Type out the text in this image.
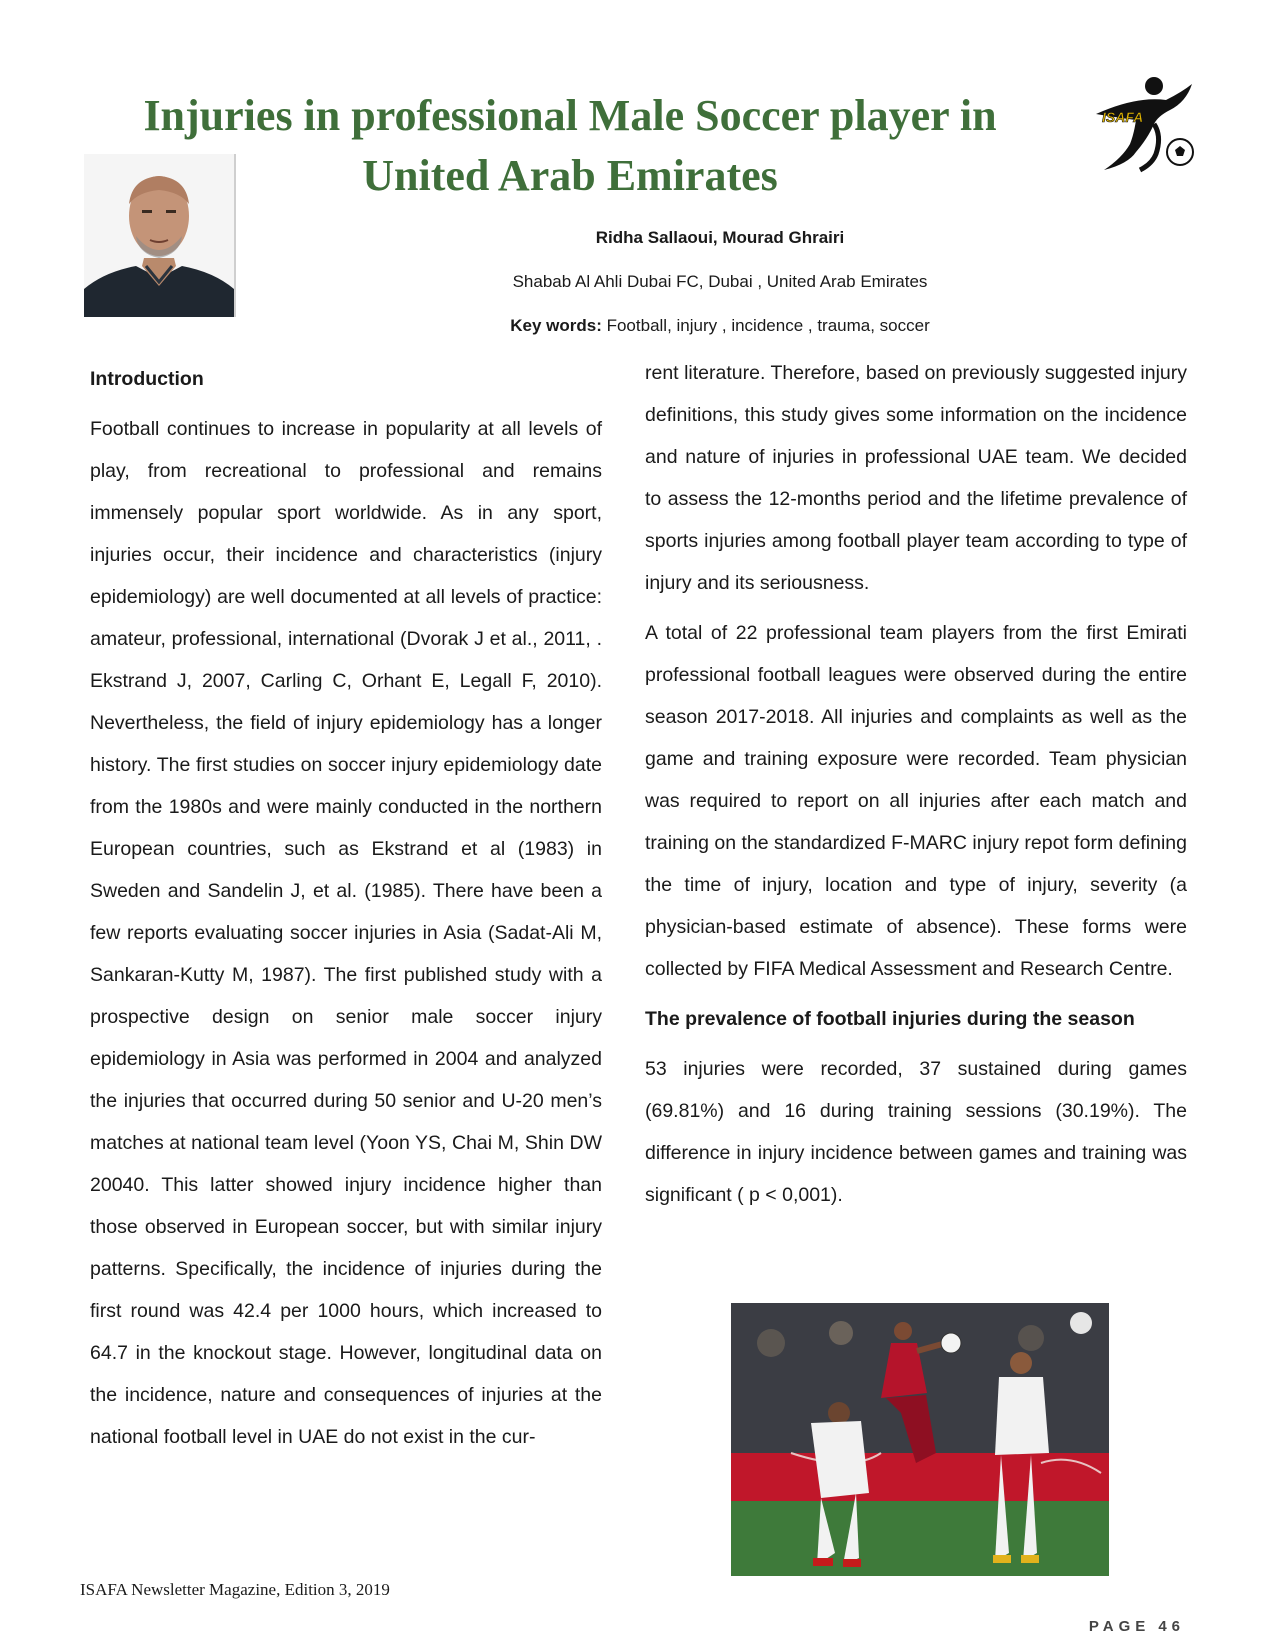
Injuries in professional Male Soccer player in
United Arab Emirates
ISAFA

Ridha Sallaoui, Mourad Ghrairi

Shabab Al Ahli Dubai FC, Dubai , United Arab Emirates

Key words: Football, injury , incidence , trauma, soccer

Introduction

Football continues to increase in popularity at all levels of play, from recreational to professional and remains immensely popular sport worldwide. As in any sport, injuries occur, their incidence and characteristics (injury epidemiology) are well documented at all levels of practice: amateur, professional, international (Dvorak J et al., 2011, . Ekstrand J, 2007, Carling C, Orhant E, Legall F, 2010). Nevertheless, the field of injury epidemiology has a longer history. The first studies on soccer injury epidemiology date from the 1980s and were mainly conducted in the northern European countries, such as Ekstrand et al (1983) in Sweden and Sandelin J, et al. (1985). There have been a few reports evaluating soccer injuries in Asia (Sadat-Ali M, Sankaran-Kutty M, 1987). The first published study with a prospective design on senior male soccer injury epidemiology in Asia was performed in 2004 and analyzed the injuries that occurred during 50 senior and U-20 men’s matches at national team level (Yoon YS, Chai M, Shin DW 20040. This latter showed injury incidence higher than those observed in European soccer, but with similar injury patterns. Specifically, the incidence of injuries during the first round was 42.4 per 1000 hours, which increased to 64.7 in the knockout stage. However, longitudinal data on the incidence, nature and consequences of injuries at the national football level in UAE do not exist in the cur-

rent literature. Therefore, based on previously suggested injury definitions, this study gives some information on the incidence and nature of injuries in professional UAE team. We decided to assess the 12-months period and the lifetime prevalence of sports injuries among football player team according to type of injury and its seriousness.

A total of 22 professional team players from the first Emirati professional football leagues were observed during the entire season 2017-2018. All injuries and complaints as well as the game and training exposure were recorded. Team physician was required to report on all injuries after each match and training on the standardized F-MARC injury repot form defining the time of injury, location and type of injury, severity (a physician-based estimate of absence). These forms were collected by FIFA Medical Assessment and Research Centre.

The prevalence of football injuries during the season

53 injuries were recorded, 37 sustained during games (69.81%) and 16 during training sessions (30.19%). The difference in injury incidence between games and training was significant ( p < 0,001).

ISAFA Newsletter Magazine, Edition 3, 2019

PAGE 46
